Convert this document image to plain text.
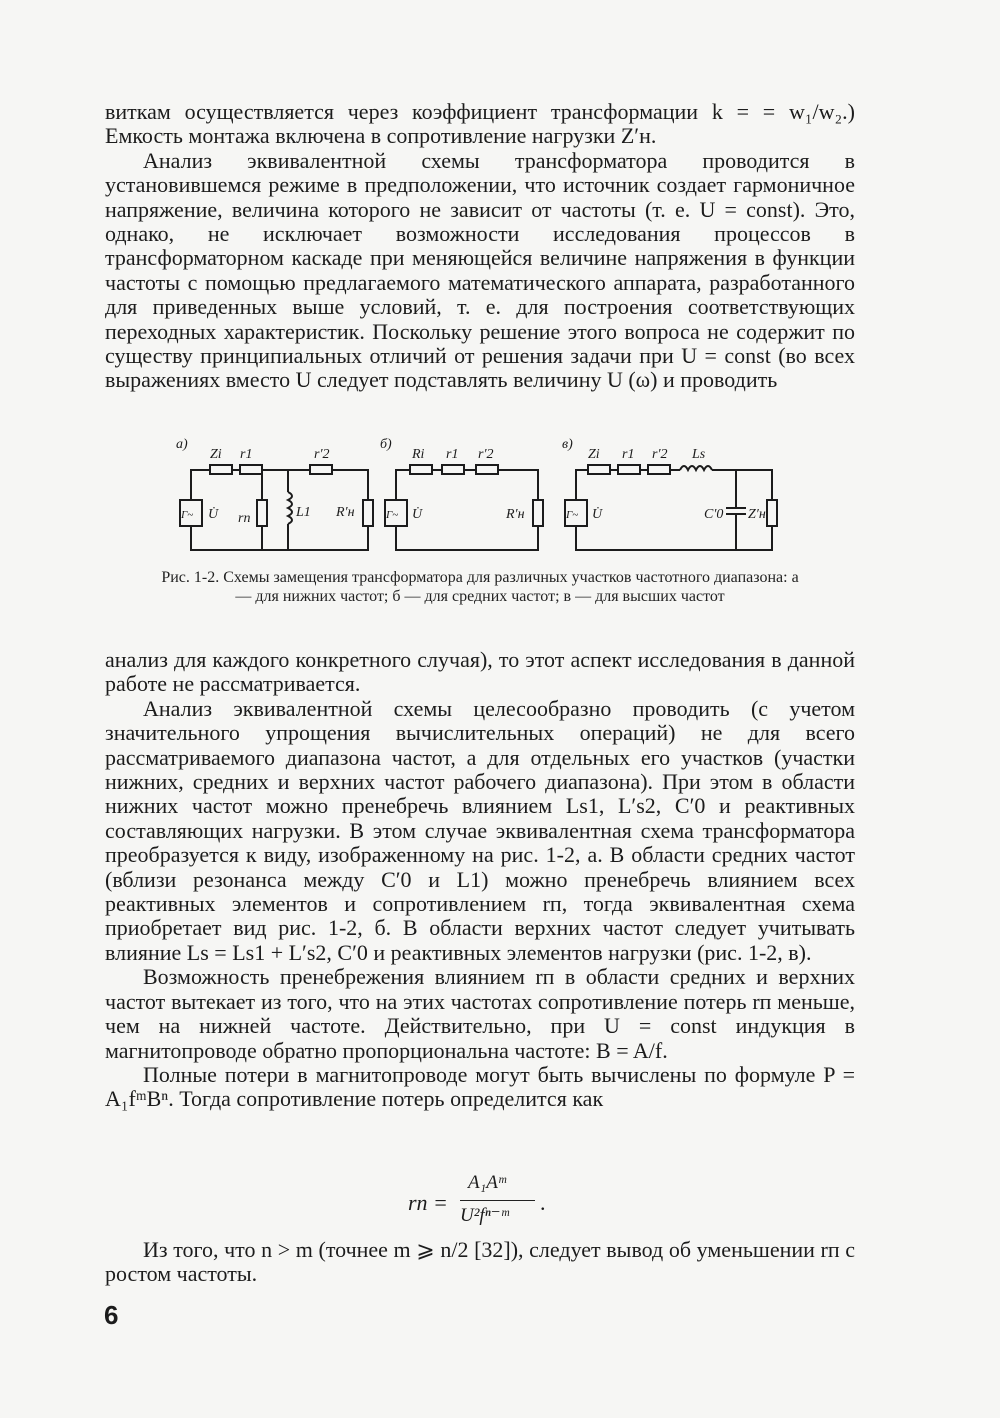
виткам осуществляется через коэффициент трансформации k = = w₁/w₂.) Емкость монтажа включена в сопротивление нагрузки Z′н.

Анализ эквивалентной схемы трансформатора проводится в установившемся режиме в предположении, что источник создает гармоничное напряжение, величина которого не зависит от частоты (т. е. U = const). Это, однако, не исключает возможности исследования процессов в трансформаторном каскаде при меняющейся величине напряжения в функции частоты с помощью предлагаемого математического аппарата, разработанного для приведенных выше условий, т. е. для построения соответствующих переходных характеристик. Поскольку решение этого вопроса не содержит по существу принципиальных отличий от решения задачи при U = const (во всех выражениях вместо U следует подставлять величину U (ω) и проводить

а)
Zi r1	r′2
Г~ U̇ rп	L1 R′н
б)
Ri r1 r′2
Г~ U̇	R′н
в)
Zi r1 r′2 Ls
Г~ U̇	C′0 Z′н
Рис. 1-2. Схемы замещения трансформатора для различных участков частотного диапазона: а — для нижних частот; б — для средних частот; в — для высших частот

анализ для каждого конкретного случая), то этот аспект исследования в данной работе не рассматривается.

Анализ эквивалентной схемы целесообразно проводить (с учетом значительного упрощения вычислительных операций) не для всего рассматриваемого диапазона частот, а для отдельных его участков (участки нижних, средних и верхних частот рабочего диапазона). При этом в области нижних частот можно пренебречь влиянием Ls1, L′s2, C′0 и реактивных составляющих нагрузки. В этом случае эквивалентная схема трансформатора преобразуется к виду, изображенному на рис. 1-2, а. В области средних частот (вблизи резонанса между C′0 и L1) можно пренебречь влиянием всех реактивных элементов и сопротивлением rп, тогда эквивалентная схема приобретает вид рис. 1-2, б. В области верхних частот следует учитывать влияние Ls = Ls1 + L′s2, C′0 и реактивных элементов нагрузки (рис. 1-2, в).

Возможность пренебрежения влиянием rп в области средних и верхних частот вытекает из того, что на этих частотах сопротивление потерь rп меньше, чем на нижней частоте. Действительно, при U = const индукция в магнитопроводе обратно пропорциональна частоте: B = A/f.

Полные потери в магнитопроводе могут быть вычислены по формуле P = A₁fᵐBⁿ. Тогда сопротивление потерь определится как

rп =
A₁Aᵐ
U²fⁿ⁻ᵐ
.

Из того, что n > m (точнее m ⩾ n/2 [32]), следует вывод об уменьшении rп с ростом частоты.

6
